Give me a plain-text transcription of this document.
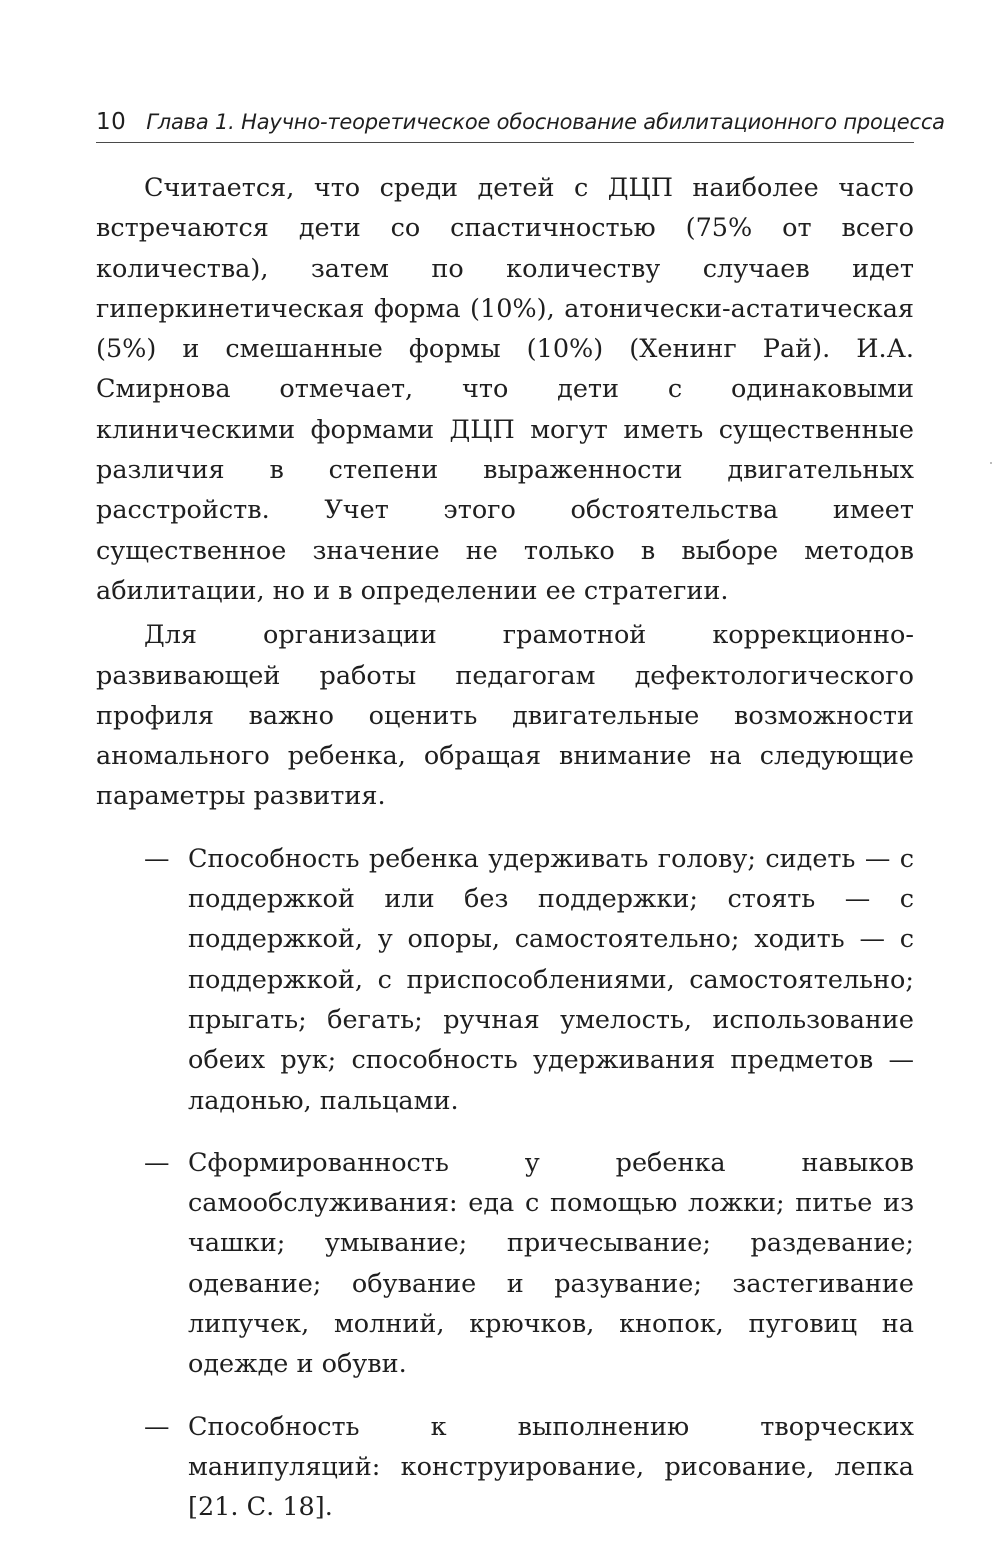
10 Глава 1. Научно-теоретическое обоснование абилитационного процесса

Считается, что среди детей с ДЦП наиболее часто встречаются дети со спастичностью (75% от всего количества), затем по количеству случаев идет гиперкинетическая форма (10%), атонически-астатическая (5%) и смешанные формы (10%) (Хенинг Рай). И.А. Смирнова отмечает, что дети с одинаковыми клиническими формами ДЦП могут иметь существенные различия в степени выраженности двигательных расстройств. Учет этого обстоятельства имеет существенное значение не только в выборе методов абилитации, но и в определении ее стратегии.

Для организации грамотной коррекционно-развивающей работы педагогам дефектологического профиля важно оценить двигательные возможности аномального ребенка, обращая внимание на следующие параметры развития.

— Способность ребенка удерживать голову; сидеть — с поддержкой или без поддержки; стоять — с поддержкой, у опоры, самостоятельно; ходить — с поддержкой, с приспособлениями, самостоятельно; прыгать; бегать; ручная умелость, использование обеих рук; способность удерживания предметов — ладонью, пальцами.
— Сформированность у ребенка навыков самообслуживания: еда с помощью ложки; питье из чашки; умывание; причесывание; раздевание; одевание; обувание и разувание; застегивание липучек, молний, крючков, кнопок, пуговиц на одежде и обуви.
— Способность к выполнению творческих манипуляций: конструирование, рисование, лепка [21. С. 18].
